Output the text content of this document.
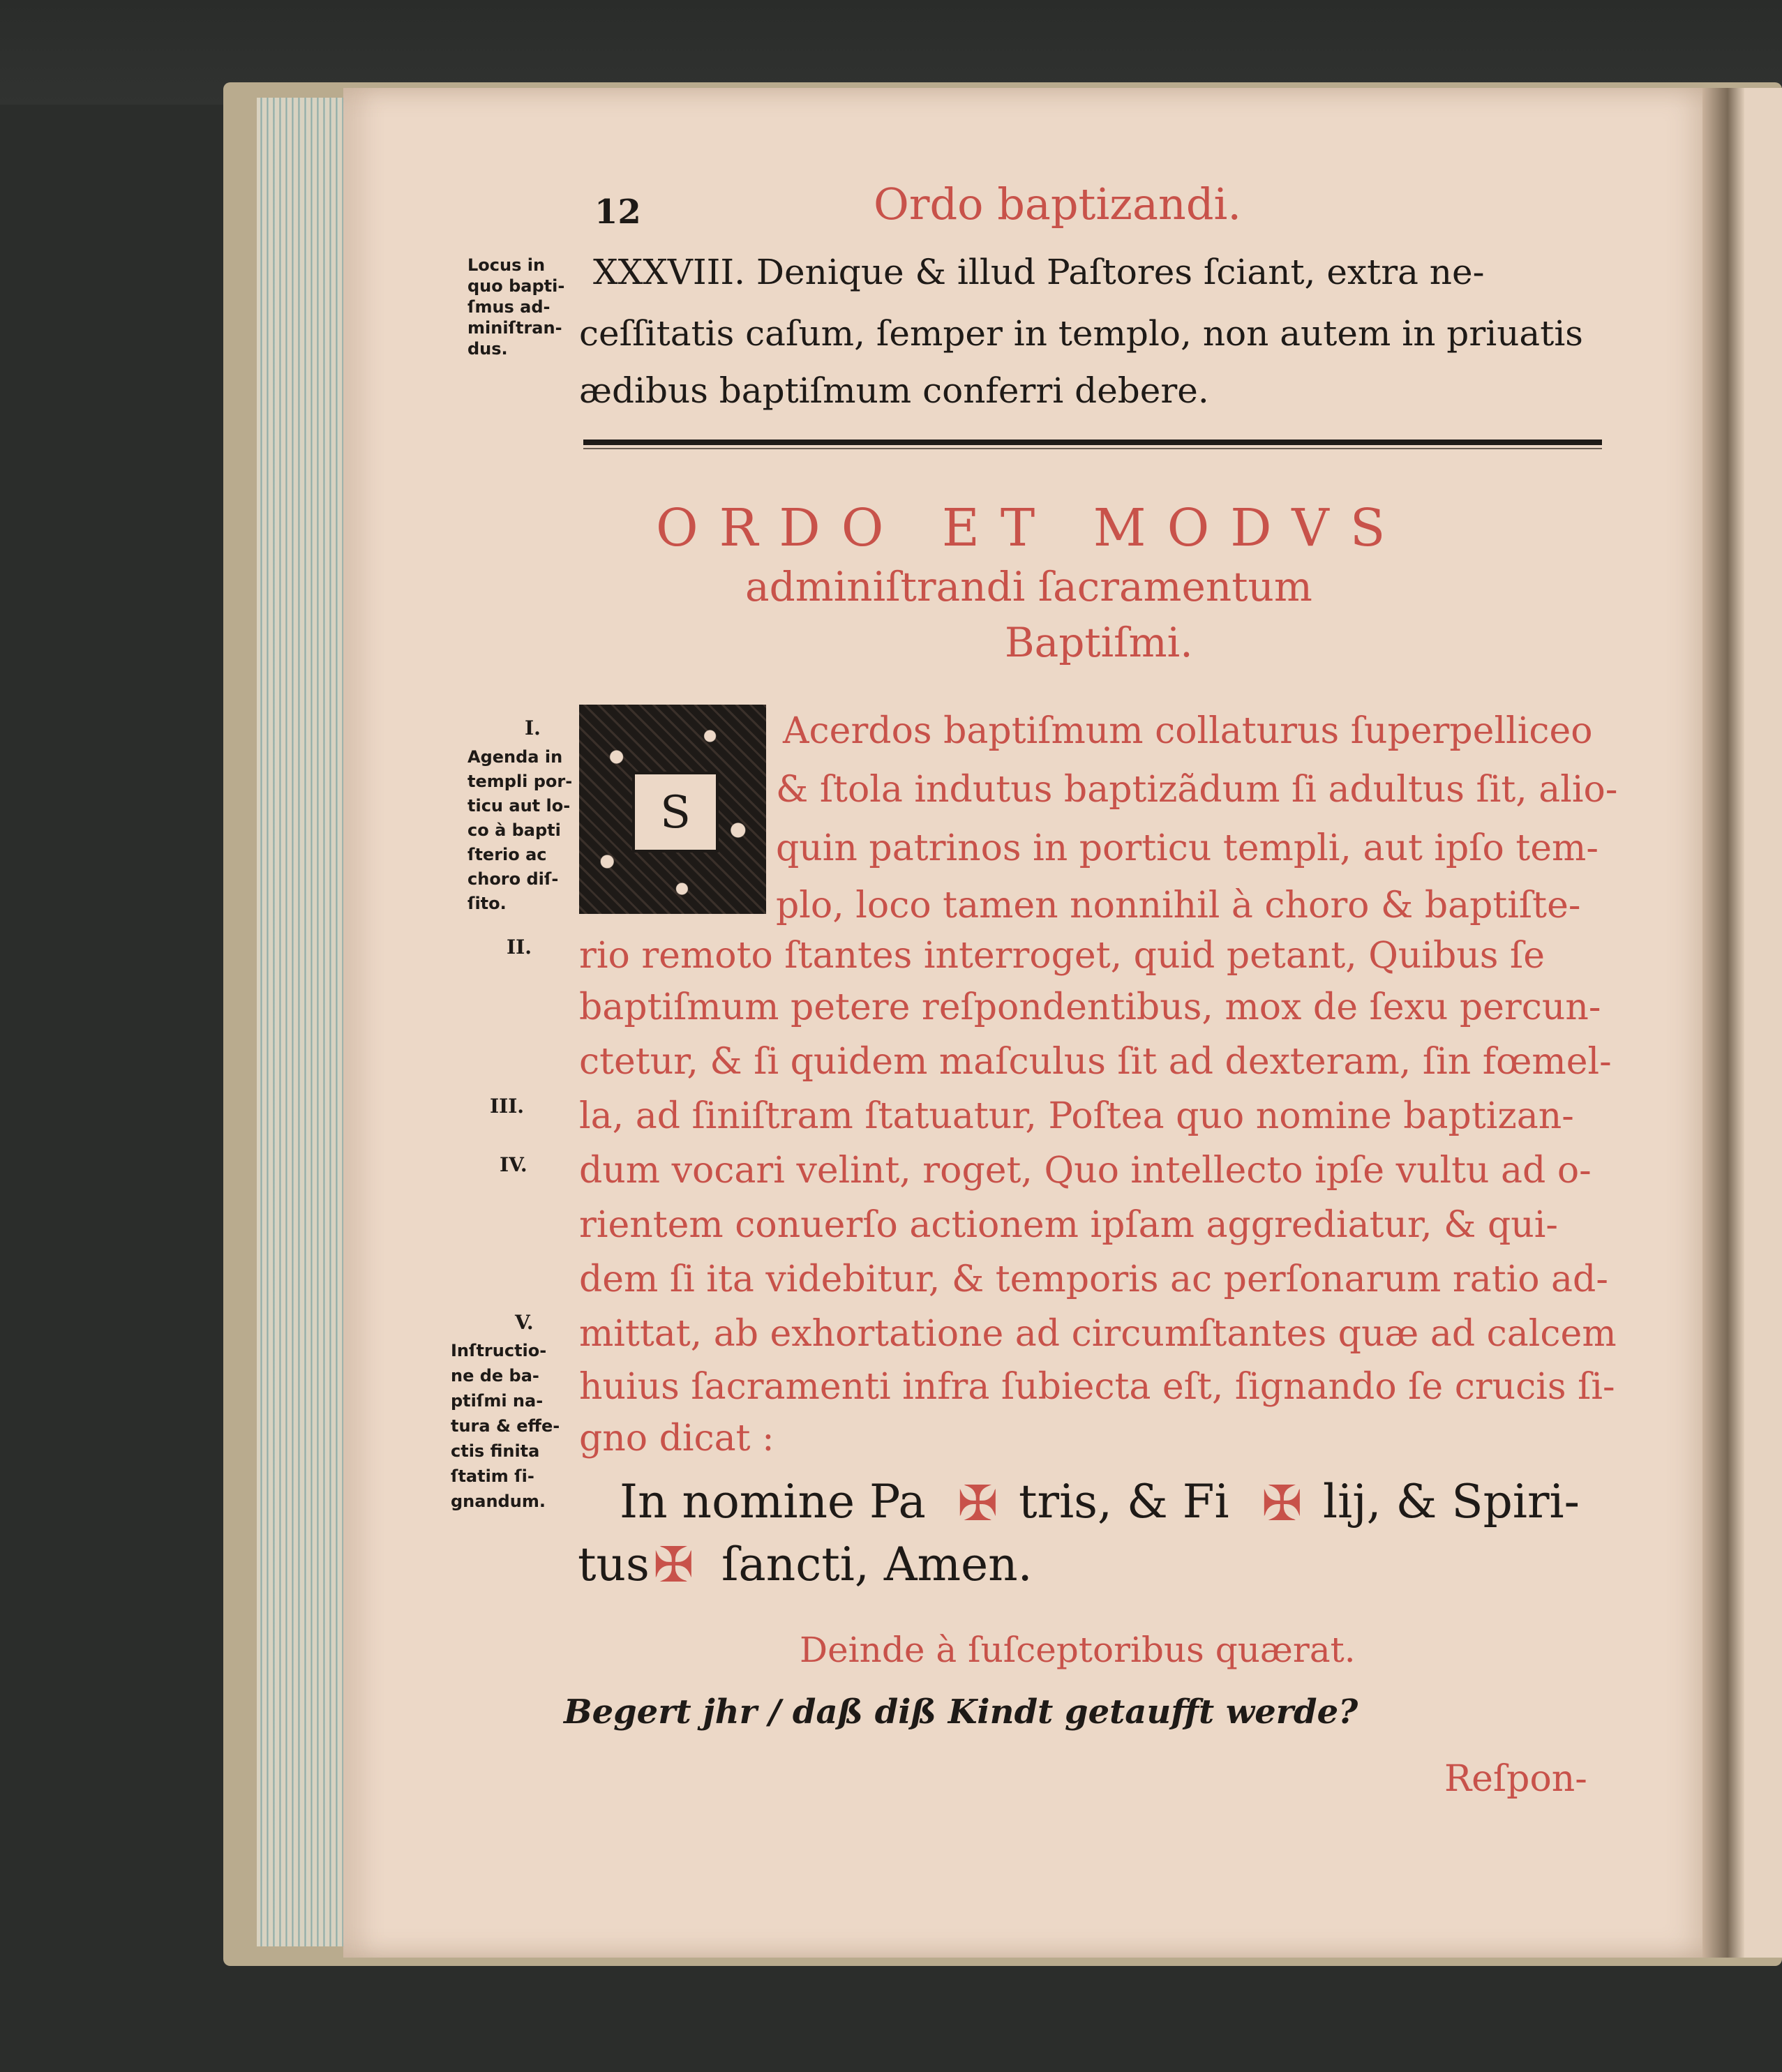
12	Ordo baptizandi.
Locus in
quo bapti-
ſmus ad-
miniſtran-
dus.
XXXVIII. Denique & illud Paſtores ſciant, extra ne-
ceſſitatis caſum, ſemper in templo, non autem in priuatis
ædibus baptiſmum conferri debere.
ORDO ET MODVS
adminiſtrandi ſacramentum
Baptiſmi.
S
I.
Agenda in
templi por-
ticu aut lo-
co à bapti
ſterio ac
choro diſ-
ſito.
II.
III.
IV.
V.
Inſtructio-
ne de ba-
ptiſmi na-
tura & effe-
ctis finita
ſtatim ſi-
gnandum.
Acerdos baptiſmum collaturus ſuperpelliceo
& ſtola indutus baptizãdum ſi adultus ſit, alio-
quin patrinos in porticu templi, aut ipſo tem-
plo, loco tamen nonnihil à choro & baptiſte-
rio remoto ſtantes interroget, quid petant, Quibus ſe
baptiſmum petere reſpondentibus, mox de ſexu percun-
ctetur, & ſi quidem maſculus ſit ad dexteram, ſin fœmel-
la, ad ſiniſtram ſtatuatur, Poſtea quo nomine baptizan-
dum vocari velint, roget, Quo intellecto ipſe vultu ad o-
rientem conuerſo actionem ipſam aggrediatur, & qui-
dem ſi ita videbitur, & temporis ac perſonarum ratio ad-
mittat, ab exhortatione ad circumſtantes quæ ad calcem
huius ſacramenti infra ſubiecta eſt, ſignando ſe crucis ſi-
gno dicat :
In nomine Pa ✠ tris, & Fi ✠ lij, & Spiri-
tus ✠ ſancti, Amen.
Deinde à ſuſceptoribus quærat.
Begert jhr / daß diß Kindt getaufft werde?
Reſpon-
